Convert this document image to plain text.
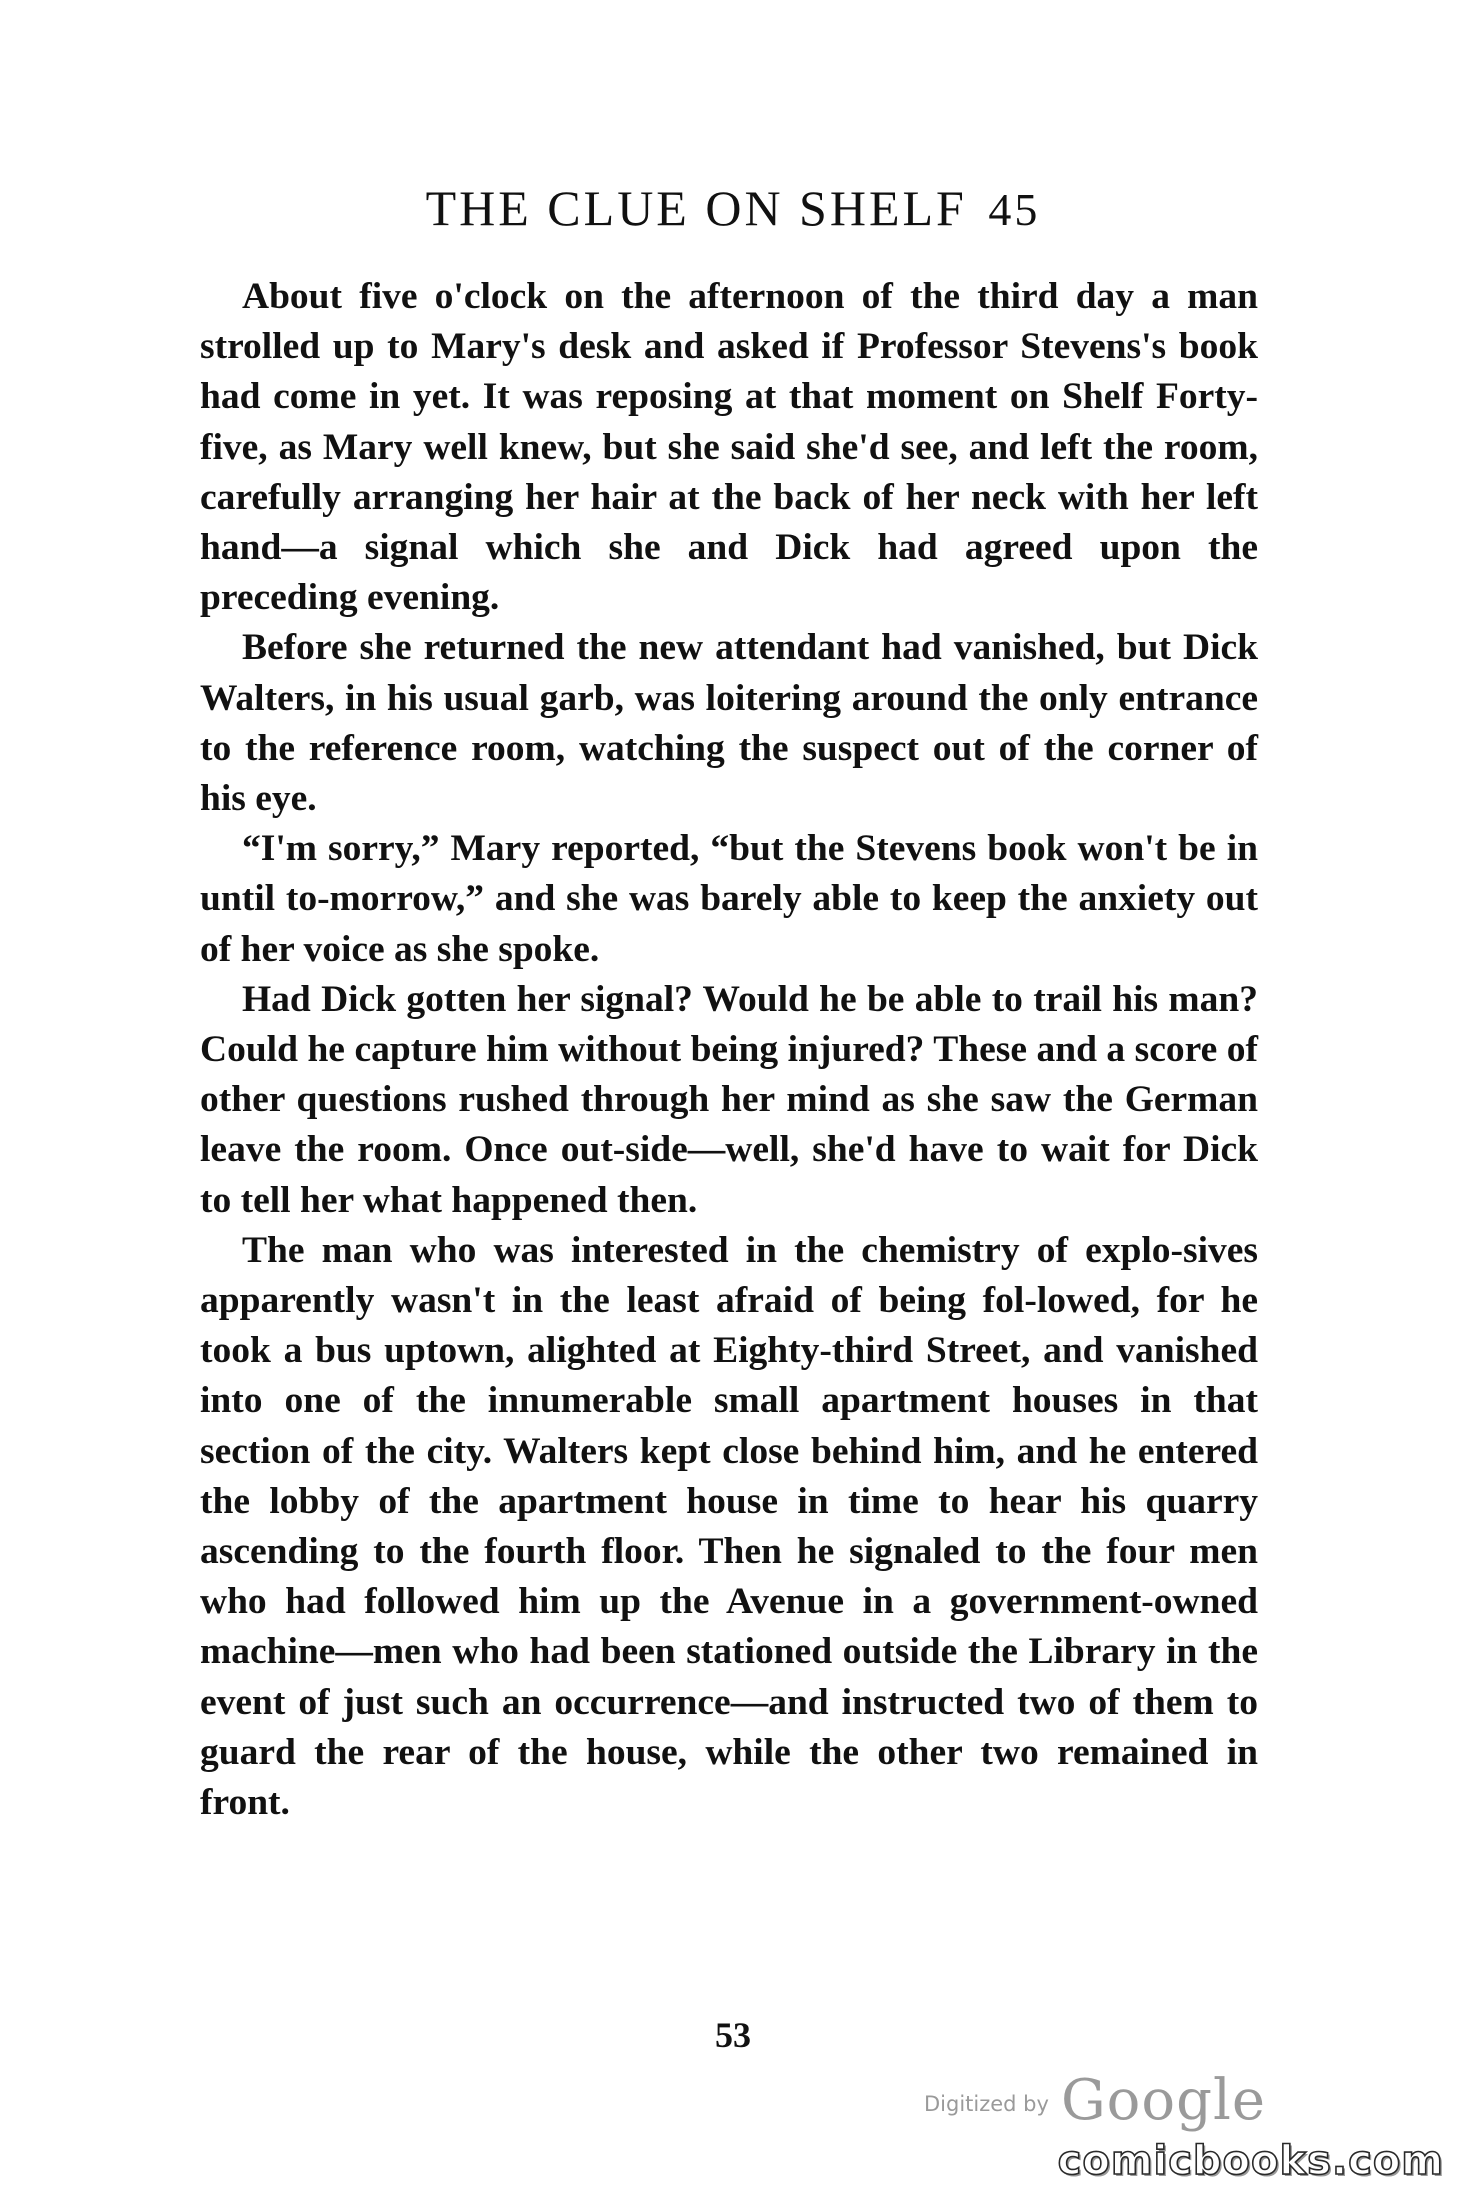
THE CLUE ON SHELF 45

About five o'clock on the afternoon of the third day a man strolled up to Mary's desk and asked if Professor Stevens's book had come in yet. It was reposing at that moment on Shelf Forty-five, as Mary well knew, but she said she'd see, and left the room, carefully arranging her hair at the back of her neck with her left hand—a signal which she and Dick had agreed upon the preceding evening.

Before she returned the new attendant had vanished, but Dick Walters, in his usual garb, was loitering around the only entrance to the reference room, watching the suspect out of the corner of his eye.

“I'm sorry,” Mary reported, “but the Stevens book won't be in until to-morrow,” and she was barely able to keep the anxiety out of her voice as she spoke.

Had Dick gotten her signal? Would he be able to trail his man? Could he capture him without being injured? These and a score of other questions rushed through her mind as she saw the German leave the room. Once out-side—well, she'd have to wait for Dick to tell her what happened then.

The man who was interested in the chemistry of explo-sives apparently wasn't in the least afraid of being fol-lowed, for he took a bus uptown, alighted at Eighty-third Street, and vanished into one of the innumerable small apartment houses in that section of the city. Walters kept close behind him, and he entered the lobby of the apartment house in time to hear his quarry ascending to the fourth floor. Then he signaled to the four men who had followed him up the Avenue in a government-owned machine—men who had been stationed outside the Library in the event of just such an occurrence—and instructed two of them to guard the rear of the house, while the other two remained in front.

53
Digitized by Google
comicbooks.com
